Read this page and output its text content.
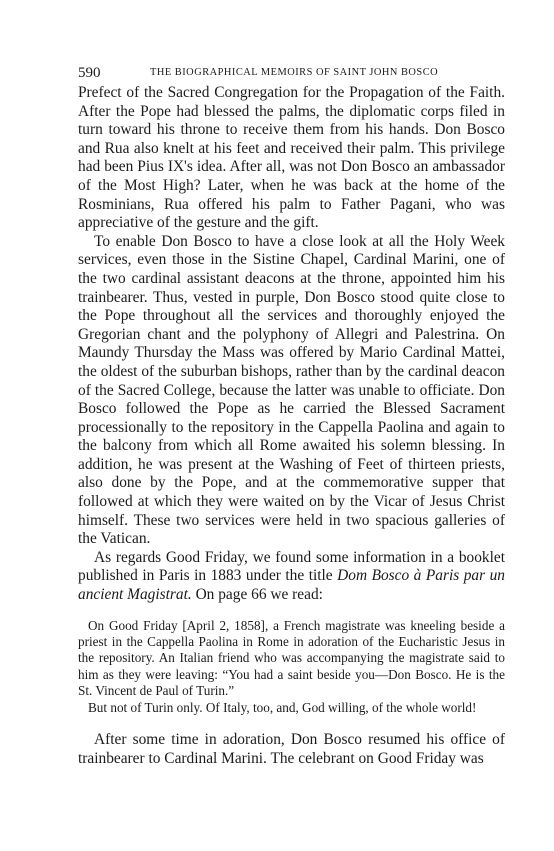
590	THE BIOGRAPHICAL MEMOIRS OF SAINT JOHN BOSCO

Prefect of the Sacred Congregation for the Propagation of the Faith. After the Pope had blessed the palms, the diplomatic corps filed in turn toward his throne to receive them from his hands. Don Bosco and Rua also knelt at his feet and received their palm. This privilege had been Pius IX's idea. After all, was not Don Bosco an ambassador of the Most High? Later, when he was back at the home of the Rosminians, Rua offered his palm to Father Pagani, who was appreciative of the gesture and the gift.

To enable Don Bosco to have a close look at all the Holy Week services, even those in the Sistine Chapel, Cardinal Marini, one of the two cardinal assistant deacons at the throne, appointed him his trainbearer. Thus, vested in purple, Don Bosco stood quite close to the Pope throughout all the services and thoroughly enjoyed the Gregorian chant and the polyphony of Allegri and Palestrina. On Maundy Thursday the Mass was offered by Mario Cardinal Mattei, the oldest of the suburban bishops, rather than by the cardinal deacon of the Sacred College, because the latter was unable to officiate. Don Bosco followed the Pope as he carried the Blessed Sacrament processionally to the repository in the Cappella Paolina and again to the balcony from which all Rome awaited his solemn blessing. In addition, he was present at the Washing of Feet of thirteen priests, also done by the Pope, and at the commemorative supper that followed at which they were waited on by the Vicar of Jesus Christ himself. These two services were held in two spacious galleries of the Vatican.

As regards Good Friday, we found some information in a booklet published in Paris in 1883 under the title Dom Bosco à Paris par un ancient Magistrat. On page 66 we read:

On Good Friday [April 2, 1858], a French magistrate was kneeling beside a priest in the Cappella Paolina in Rome in adoration of the Eucharistic Jesus in the repository. An Italian friend who was accompanying the magistrate said to him as they were leaving: “You had a saint beside you—Don Bosco. He is the St. Vincent de Paul of Turin.”

But not of Turin only. Of Italy, too, and, God willing, of the whole world!

After some time in adoration, Don Bosco resumed his office of trainbearer to Cardinal Marini. The celebrant on Good Friday was
